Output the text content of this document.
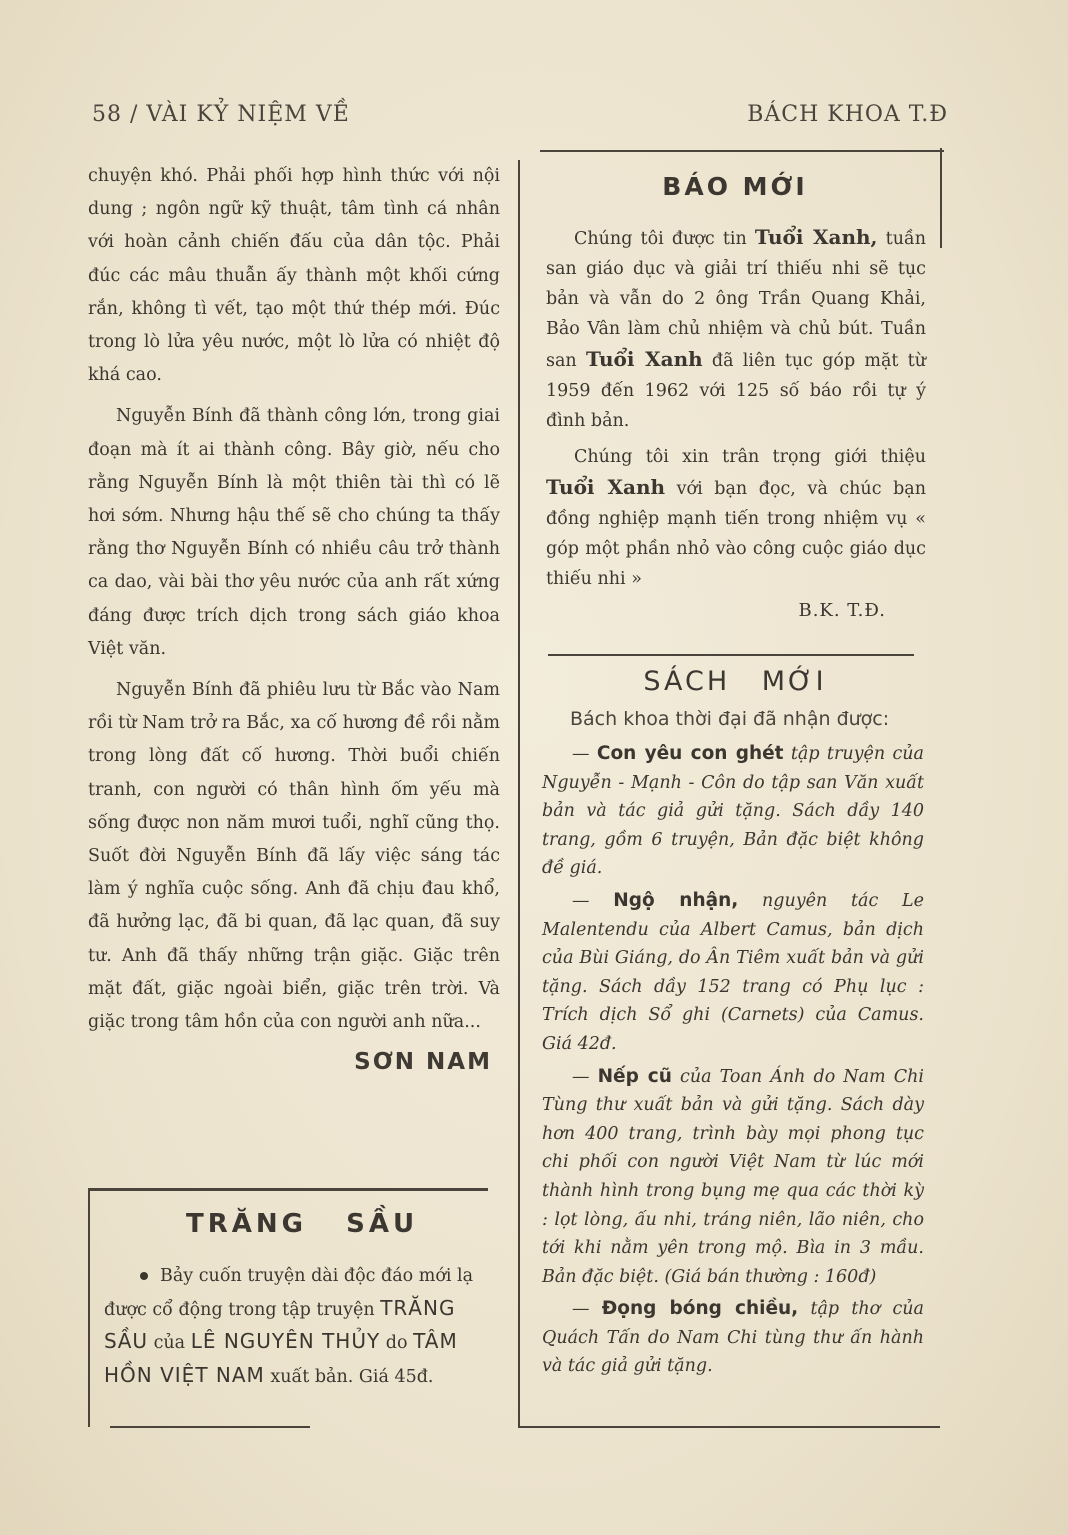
58 / VÀI KỶ NIỆM VỀ	BÁCH KHOA T.Đ

chuyện khó. Phải phối hợp hình thức với nội dung ; ngôn ngữ kỹ thuật, tâm tình cá nhân với hoàn cảnh chiến đấu của dân tộc. Phải đúc các mâu thuẫn ấy thành một khối cứng rắn, không tì vết, tạo một thứ thép mới. Đúc trong lò lửa yêu nước, một lò lửa có nhiệt độ khá cao.

Nguyễn Bính đã thành công lớn, trong giai đoạn mà ít ai thành công. Bây giờ, nếu cho rằng Nguyễn Bính là một thiên tài thì có lẽ hơi sớm. Nhưng hậu thế sẽ cho chúng ta thấy rằng thơ Nguyễn Bính có nhiều câu trở thành ca dao, vài bài thơ yêu nước của anh rất xứng đáng được trích dịch trong sách giáo khoa Việt văn.

Nguyễn Bính đã phiêu lưu từ Bắc vào Nam rồi từ Nam trở ra Bắc, xa cố hương đề rồi nằm trong lòng đất cố hương. Thời buổi chiến tranh, con người có thân hình ốm yếu mà sống được non năm mươi tuổi, nghĩ cũng thọ. Suốt đời Nguyễn Bính đã lấy việc sáng tác làm ý nghĩa cuộc sống. Anh đã chịu đau khổ, đã hưởng lạc, đã bi quan, đã lạc quan, đã suy tư. Anh đã thấy những trận giặc. Giặc trên mặt đất, giặc ngoài biển, giặc trên trời. Và giặc trong tâm hồn của con người anh nữa...

SƠN NAM
TRĂNG   SẦU
Bảy cuốn truyện dài độc đáo mới lạ được cổ động trong tập truyện TRĂNG SẦU của LÊ NGUYÊN THỦY do TÂM HỒN VIỆT NAM xuất bản. Giá 45đ.
BÁO MỚI

Chúng tôi được tin Tuổi Xanh, tuần san giáo dục và giải trí thiếu nhi sẽ tục bản và vẫn do 2 ông Trần Quang Khải, Bảo Vân làm chủ nhiệm và chủ bút. Tuần san Tuổi Xanh đã liên tục góp mặt từ 1959 đến 1962 với 125 số báo rồi tự ý đình bản.

Chúng tôi xin trân trọng giới thiệu Tuổi Xanh với bạn đọc, và chúc bạn đồng nghiệp mạnh tiến trong nhiệm vụ « góp một phần nhỏ vào công cuộc giáo dục thiếu nhi »

B.K. T.Đ.

SÁCH MỚI
Bách khoa thời đại đã nhận được:

— Con yêu con ghét tập truyện của Nguyễn - Mạnh - Côn do tập san Văn xuất bản và tác giả gửi tặng. Sách dầy 140 trang, gồm 6 truyện, Bản đặc biệt không đề giá.

— Ngộ nhận, nguyên tác Le Malentendu của Albert Camus, bản dịch của Bùi Giáng, do Ân Tiêm xuất bản và gửi tặng. Sách dầy 152 trang có Phụ lục : Trích dịch Sổ ghi (Carnets) của Camus. Giá 42đ.

— Nếp cũ của Toan Ánh do Nam Chi Tùng thư xuất bản và gửi tặng. Sách dày hơn 400 trang, trình bày mọi phong tục chi phối con người Việt Nam từ lúc mới thành hình trong bụng mẹ qua các thời kỳ : lọt lòng, ấu nhi, tráng niên, lão niên, cho tới khi nằm yên trong mộ. Bìa in 3 mầu. Bản đặc biệt. (Giá bán thường : 160đ)

— Đọng bóng chiều, tập thơ của Quách Tấn do Nam Chi tùng thư ấn hành và tác giả gửi tặng.
